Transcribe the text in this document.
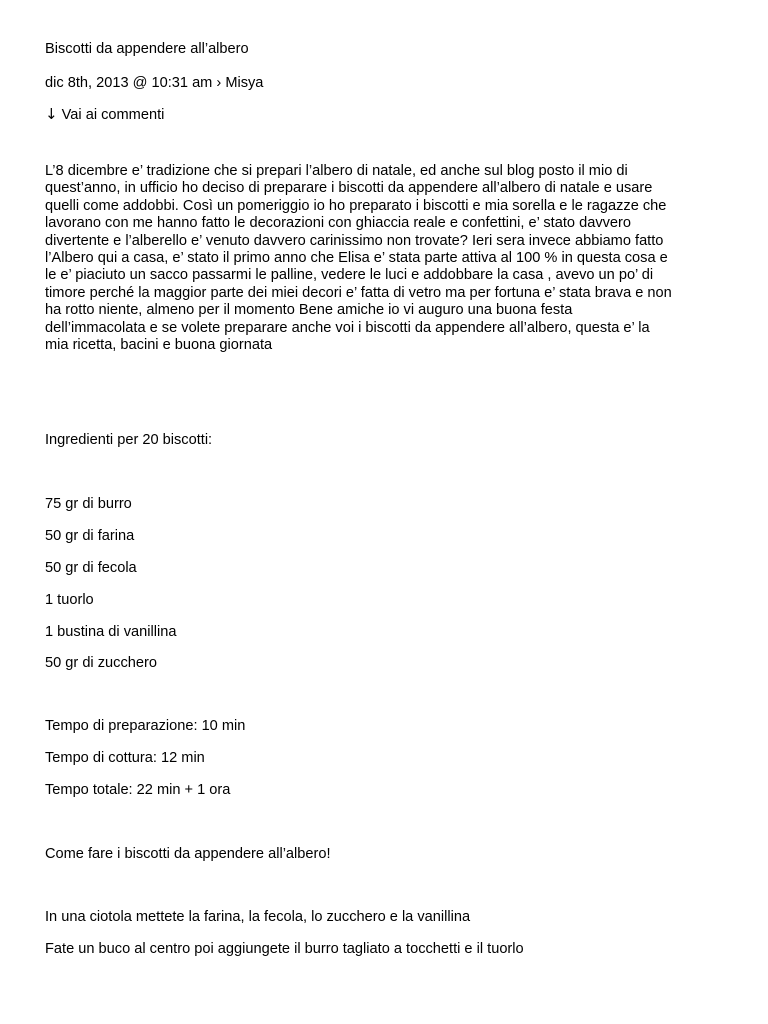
Biscotti da appendere all’albero
dic 8th, 2013 @ 10:31 am › Misya
↓ Vai ai commenti
L’8 dicembre e’ tradizione che si prepari l’albero di natale, ed anche sul blog posto il mio di
quest’anno, in ufficio ho deciso di preparare i biscotti da appendere all’albero di natale e usare
quelli come addobbi. Così un pomeriggio io ho preparato i biscotti e mia sorella e le ragazze che
lavorano con me hanno fatto le decorazioni con ghiaccia reale e confettini, e’ stato davvero
divertente e l’alberello e’ venuto davvero carinissimo non trovate? Ieri sera invece abbiamo fatto
l’Albero qui a casa, e’ stato il primo anno che Elisa e’ stata parte attiva al 100 % in questa cosa e
le e’ piaciuto un sacco passarmi le palline, vedere le luci e addobbare la casa , avevo un po’ di
timore perché la maggior parte dei miei decori e’ fatta di vetro ma per fortuna e’ stata brava e non
ha rotto niente, almeno per il momento Bene amiche io vi auguro una buona festa
dell’immacolata e se volete preparare anche voi i biscotti da appendere all’albero, questa e’ la
mia ricetta, bacini e buona giornata
Ingredienti per 20 biscotti:
75 gr di burro
50 gr di farina
50 gr di fecola
1 tuorlo
1 bustina di vanillina
50 gr di zucchero
Tempo di preparazione: 10 min
Tempo di cottura: 12 min
Tempo totale: 22 min + 1 ora
Come fare i biscotti da appendere all’albero!
In una ciotola mettete la farina, la fecola, lo zucchero e la vanillina
Fate un buco al centro poi aggiungete il burro tagliato a tocchetti e il tuorlo
